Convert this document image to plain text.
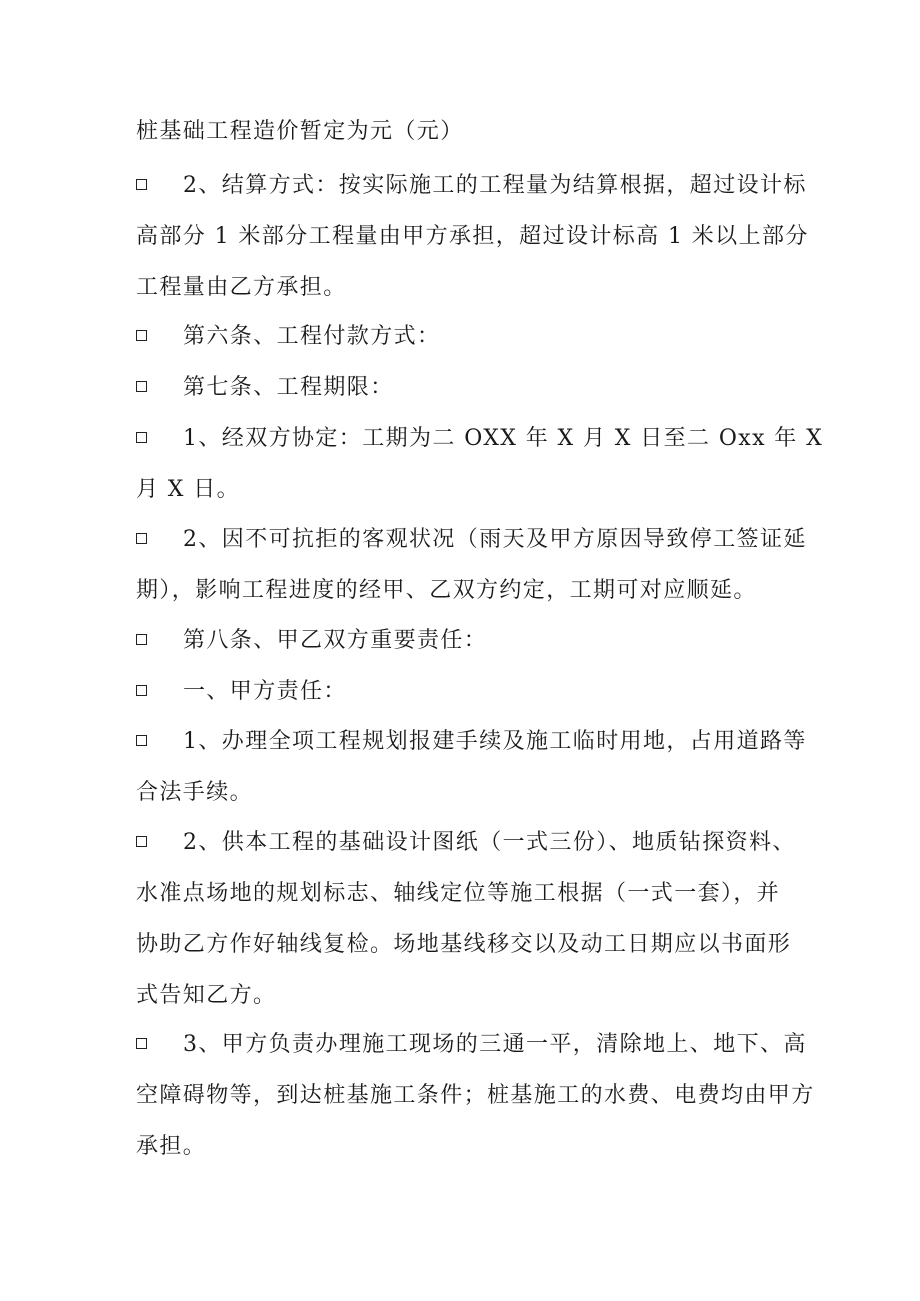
桩基础工程造价暂定为元（元）
2、结算方式：按实际施工的工程量为结算根据，超过设计标
高部分 1 米部分工程量由甲方承担，超过设计标高 1 米以上部分
工程量由乙方承担。
第六条、工程付款方式：
第七条、工程期限：
1、经双方协定：工期为二 OXX 年 X 月 X 日至二 Oxx 年 X
月 X 日。
2、因不可抗拒的客观状况（雨天及甲方原因导致停工签证延
期），影响工程进度的经甲、乙双方约定，工期可对应顺延。
第八条、甲乙双方重要责任：
一、甲方责任：
1、办理全项工程规划报建手续及施工临时用地，占用道路等
合法手续。
2、供本工程的基础设计图纸（一式三份）、地质钻探资料、
水准点场地的规划标志、轴线定位等施工根据（一式一套），并
协助乙方作好轴线复检。场地基线移交以及动工日期应以书面形
式告知乙方。
3、甲方负责办理施工现场的三通一平，清除地上、地下、高
空障碍物等，到达桩基施工条件；桩基施工的水费、电费均由甲方
承担。
